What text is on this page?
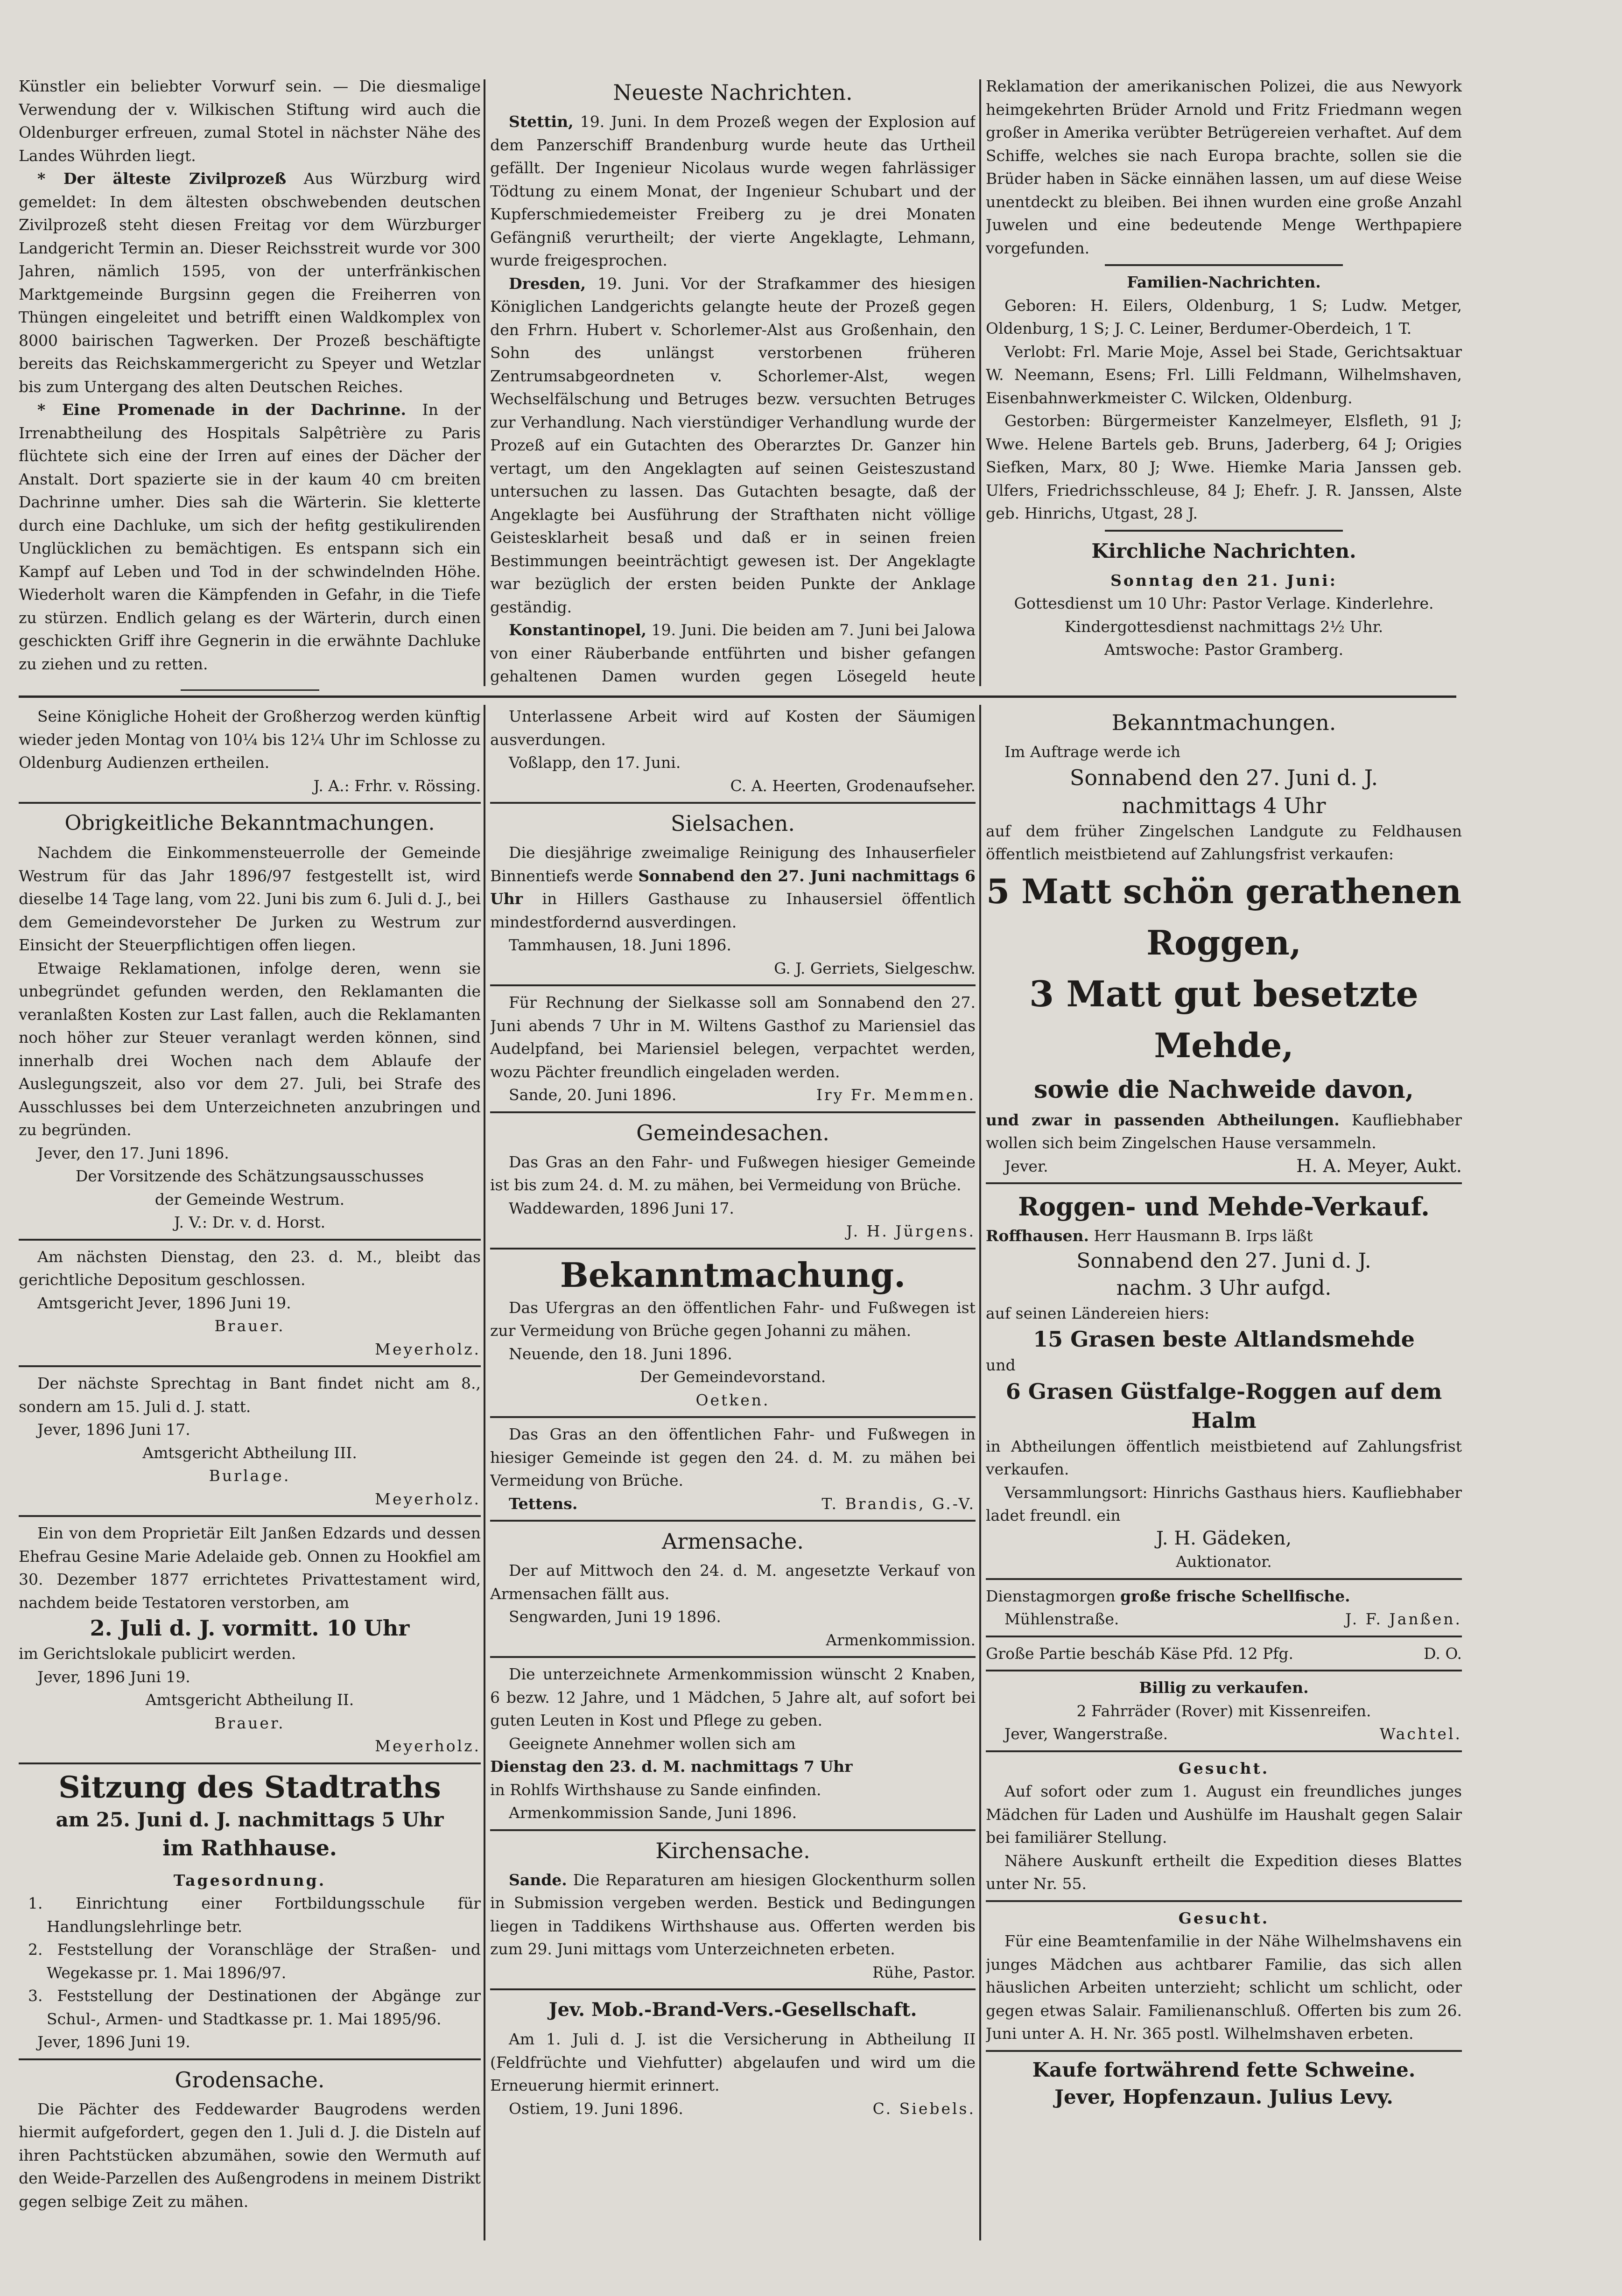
Künstler ein beliebter Vorwurf sein. — Die diesmalige Verwendung der v. Wilkischen Stiftung wird auch die Oldenburger erfreuen, zumal Stotel in nächster Nähe des Landes Wührden liegt.

* Der älteste Zivilprozeß Aus Würzburg wird gemeldet: In dem ältesten obschwebenden deutschen Zivilprozeß steht diesen Freitag vor dem Würzburger Landgericht Termin an. Dieser Reichsstreit wurde vor 300 Jahren, nämlich 1595, von der unterfränkischen Marktgemeinde Burgsinn gegen die Freiherren von Thüngen eingeleitet und betrifft einen Waldkomplex von 8000 bairischen Tagwerken. Der Prozeß beschäftigte bereits das Reichskammergericht zu Speyer und Wetzlar bis zum Untergang des alten Deutschen Reiches.

* Eine Promenade in der Dachrinne. In der Irrenabtheilung des Hospitals Salpêtrière zu Paris flüchtete sich eine der Irren auf eines der Dächer der Anstalt. Dort spazierte sie in der kaum 40 cm breiten Dachrinne umher. Dies sah die Wärterin. Sie kletterte durch eine Dachluke, um sich der hefitg gestikulirenden Unglücklichen zu bemächtigen. Es entspann sich ein Kampf auf Leben und Tod in der schwindelnden Höhe. Wiederholt waren die Kämpfenden in Gefahr, in die Tiefe zu stürzen. Endlich gelang es der Wärterin, durch einen geschickten Griff ihre Gegnerin in die erwähnte Dachluke zu ziehen und zu retten.

Neueste Nachrichten.

Stettin, 19. Juni. In dem Prozeß wegen der Explosion auf dem Panzerschiff Brandenburg wurde heute das Urtheil gefällt. Der Ingenieur Nicolaus wurde wegen fahrlässiger Tödtung zu einem Monat, der Ingenieur Schubart und der Kupferschmiedemeister Freiberg zu je drei Monaten Gefängniß verurtheilt; der vierte Angeklagte, Lehmann, wurde freigesprochen.

Dresden, 19. Juni. Vor der Strafkammer des hiesigen Königlichen Landgerichts gelangte heute der Prozeß gegen den Frhrn. Hubert v. Schorlemer-Alst aus Großenhain, den Sohn des unlängst verstorbenen früheren Zentrumsabgeordneten v. Schorlemer-Alst, wegen Wechselfälschung und Betruges bezw. versuchten Betruges zur Verhandlung. Nach vierstündiger Verhandlung wurde der Prozeß auf ein Gutachten des Oberarztes Dr. Ganzer hin vertagt, um den Angeklagten auf seinen Geisteszustand untersuchen zu lassen. Das Gutachten besagte, daß der Angeklagte bei Ausführung der Strafthaten nicht völlige Geistesklarheit besaß und daß er in seinen freien Bestimmungen beeinträchtigt gewesen ist. Der Angeklagte war bezüglich der ersten beiden Punkte der Anklage geständig.

Konstantinopel, 19. Juni. Die beiden am 7. Juni bei Jalowa von einer Räuberbande entführten und bisher gefangen gehaltenen Damen wurden gegen Lösegeld heute

Reklamation der amerikanischen Polizei, die aus Newyork heimgekehrten Brüder Arnold und Fritz Friedmann wegen großer in Amerika verübter Betrügereien verhaftet. Auf dem Schiffe, welches sie nach Europa brachte, sollen sie die Brüder haben in Säcke einnähen lassen, um auf diese Weise unentdeckt zu bleiben. Bei ihnen wurden eine große Anzahl Juwelen und eine bedeutende Menge Werthpapiere vorgefunden.

Familien-Nachrichten.

Geboren: H. Eilers, Oldenburg, 1 S; Ludw. Metger, Oldenburg, 1 S; J. C. Leiner, Berdumer-Oberdeich, 1 T.

Verlobt: Frl. Marie Moje, Assel bei Stade, Gerichtsaktuar W. Neemann, Esens; Frl. Lilli Feldmann, Wilhelmshaven, Eisenbahnwerkmeister C. Wilcken, Oldenburg.

Gestorben: Bürgermeister Kanzelmeyer, Elsfleth, 91 J; Wwe. Helene Bartels geb. Bruns, Jaderberg, 64 J; Origies Siefken, Marx, 80 J; Wwe. Hiemke Maria Janssen geb. Ulfers, Friedrichsschleuse, 84 J; Ehefr. J. R. Janssen, Alste geb. Hinrichs, Utgast, 28 J.

Kirchliche Nachrichten.

Sonntag den 21. Juni:

Gottesdienst um 10 Uhr: Pastor Verlage. Kinderlehre.

Kindergottesdienst nachmittags 2½ Uhr.

Amtswoche: Pastor Gramberg.

Seine Königliche Hoheit der Großherzog werden künftig wieder jeden Montag von 10¼ bis 12¼ Uhr im Schlosse zu Oldenburg Audienzen ertheilen.

J. A.: Frhr. v. Rössing.

Obrigkeitliche Bekanntmachungen.

Nachdem die Einkommensteuerrolle der Gemeinde Westrum für das Jahr 1896/97 festgestellt ist, wird dieselbe 14 Tage lang, vom 22. Juni bis zum 6. Juli d. J., bei dem Gemeindevorsteher De Jurken zu Westrum zur Einsicht der Steuerpflichtigen offen liegen.

Etwaige Reklamationen, infolge deren, wenn sie unbegründet gefunden werden, den Reklamanten die veranlaßten Kosten zur Last fallen, auch die Reklamanten noch höher zur Steuer veranlagt werden können, sind innerhalb drei Wochen nach dem Ablaufe der Auslegungszeit, also vor dem 27. Juli, bei Strafe des Ausschlusses bei dem Unterzeichneten anzubringen und zu begründen.

Jever, den 17. Juni 1896.

Der Vorsitzende des Schätzungsausschusses

der Gemeinde Westrum.

J. V.: Dr. v. d. Horst.

Am nächsten Dienstag, den 23. d. M., bleibt das gerichtliche Depositum geschlossen.

Amtsgericht Jever, 1896 Juni 19.

Brauer.

Meyerholz.

Der nächste Sprechtag in Bant findet nicht am 8., sondern am 15. Juli d. J. statt.

Jever, 1896 Juni 17.

Amtsgericht Abtheilung III.

Burlage.

Meyerholz.

Ein von dem Proprietär Eilt Janßen Edzards und dessen Ehefrau Gesine Marie Adelaide geb. Onnen zu Hookfiel am 30. Dezember 1877 errichtetes Privattestament wird, nachdem beide Testatoren verstorben, am

2. Juli d. J. vormitt. 10 Uhr

im Gerichtslokale publicirt werden.

Jever, 1896 Juni 19.

Amtsgericht Abtheilung II.

Brauer.

Meyerholz.

Sitzung des Stadtraths

am 25. Juni d. J. nachmittags 5 Uhr

im Rathhause.

Tagesordnung.

1. Einrichtung einer Fortbildungsschule für Handlungslehrlinge betr.

2. Feststellung der Voranschläge der Straßen- und Wegekasse pr. 1. Mai 1896/97.

3. Feststellung der Destinationen der Abgänge zur Schul-, Armen- und Stadtkasse pr. 1. Mai 1895/96.

Jever, 1896 Juni 19.

Grodensache.

Die Pächter des Feddewarder Baugrodens werden hiermit aufgefordert, gegen den 1. Juli d. J. die Disteln auf ihren Pachtstücken abzumähen, sowie den Wermuth auf den Weide-Parzellen des Außengrodens in meinem Distrikt gegen selbige Zeit zu mähen.

Unterlassene Arbeit wird auf Kosten der Säumigen ausverdungen.

Voßlapp, den 17. Juni.

C. A. Heerten, Grodenaufseher.

Sielsachen.

Die diesjährige zweimalige Reinigung des Inhauserfieler Binnentiefs werde Sonnabend den 27. Juni nachmittags 6 Uhr in Hillers Gasthause zu Inhausersiel öffentlich mindestfordernd ausverdingen.

Tammhausen, 18. Juni 1896.

G. J. Gerriets, Sielgeschw.

Für Rechnung der Sielkasse soll am Sonnabend den 27. Juni abends 7 Uhr in M. Wiltens Gasthof zu Mariensiel das Audelpfand, bei Mariensiel belegen, verpachtet werden, wozu Pächter freundlich eingeladen werden.

Sande, 20. Juni 1896.	Iry Fr. Memmen.

Gemeindesachen.

Das Gras an den Fahr- und Fußwegen hiesiger Gemeinde ist bis zum 24. d. M. zu mähen, bei Vermeidung von Brüche.

Waddewarden, 1896 Juni 17.

J. H. Jürgens.

Bekanntmachung.

Das Ufergras an den öffentlichen Fahr- und Fußwegen ist zur Vermeidung von Brüche gegen Johanni zu mähen.

Neuende, den 18. Juni 1896.

Der Gemeindevorstand.

Oetken.

Das Gras an den öffentlichen Fahr- und Fußwegen in hiesiger Gemeinde ist gegen den 24. d. M. zu mähen bei Vermeidung von Brüche.

Tettens.	T. Brandis, G.-V.

Armensache.

Der auf Mittwoch den 24. d. M. angesetzte Verkauf von Armensachen fällt aus.

Sengwarden, Juni 19 1896.

Armenkommission.

Die unterzeichnete Armenkommission wünscht 2 Knaben, 6 bezw. 12 Jahre, und 1 Mädchen, 5 Jahre alt, auf sofort bei guten Leuten in Kost und Pflege zu geben.

Geeignete Annehmer wollen sich am

Dienstag den 23. d. M. nachmittags 7 Uhr

in Rohlfs Wirthshause zu Sande einfinden.

Armenkommission Sande, Juni 1896.

Kirchensache.

Sande. Die Reparaturen am hiesigen Glockenthurm sollen in Submission vergeben werden. Bestick und Bedingungen liegen in Taddikens Wirthshause aus. Offerten werden bis zum 29. Juni mittags vom Unterzeichneten erbeten.

Rühe, Pastor.

Jev. Mob.-Brand-Vers.-Gesellschaft.

Am 1. Juli d. J. ist die Versicherung in Abtheilung II (Feldfrüchte und Viehfutter) abgelaufen und wird um die Erneuerung hiermit erinnert.

Ostiem, 19. Juni 1896.	C. Siebels.

Bekanntmachungen.

Im Auftrage werde ich

Sonnabend den 27. Juni d. J.

nachmittags 4 Uhr

auf dem früher Zingelschen Landgute zu Feldhausen öffentlich meistbietend auf Zahlungsfrist verkaufen:

5 Matt schön gerathenen

Roggen,

3 Matt gut besetzte

Mehde,

sowie die Nachweide davon,

und zwar in passenden Abtheilungen. Kaufliebhaber wollen sich beim Zingelschen Hause versammeln.

Jever.	H. A. Meyer, Aukt.

Roggen- und Mehde-Verkauf.

Roffhausen. Herr Hausmann B. Irps läßt

Sonnabend den 27. Juni d. J.

nachm. 3 Uhr aufgd.

auf seinen Ländereien hiers:

15 Grasen beste Altlandsmehde

und

6 Grasen Güstfalge-Roggen auf dem Halm

in Abtheilungen öffentlich meistbietend auf Zahlungsfrist verkaufen.

Versammlungsort: Hinrichs Gasthaus hiers. Kaufliebhaber ladet freundl. ein

J. H. Gädeken,

Auktionator.

Dienstagmorgen große frische Schellfische.

Mühlenstraße.	J. F. Janßen.
Große Partie bescháb Käse Pfd. 12 Pfg.	D. O.

Billig zu verkaufen.

2 Fahrräder (Rover) mit Kissenreifen.

Jever, Wangerstraße.	Wachtel.

Gesucht.

Auf sofort oder zum 1. August ein freundliches junges Mädchen für Laden und Aushülfe im Haushalt gegen Salair bei familiärer Stellung.

Nähere Auskunft ertheilt die Expedition dieses Blattes unter Nr. 55.

Gesucht.

Für eine Beamtenfamilie in der Nähe Wilhelmshavens ein junges Mädchen aus achtbarer Familie, das sich allen häuslichen Arbeiten unterzieht; schlicht um schlicht, oder gegen etwas Salair. Familienanschluß. Offerten bis zum 26. Juni unter A. H. Nr. 365 postl. Wilhelmshaven erbeten.

Kaufe fortwährend fette Schweine.

Jever, Hopfenzaun. Julius Levy.
